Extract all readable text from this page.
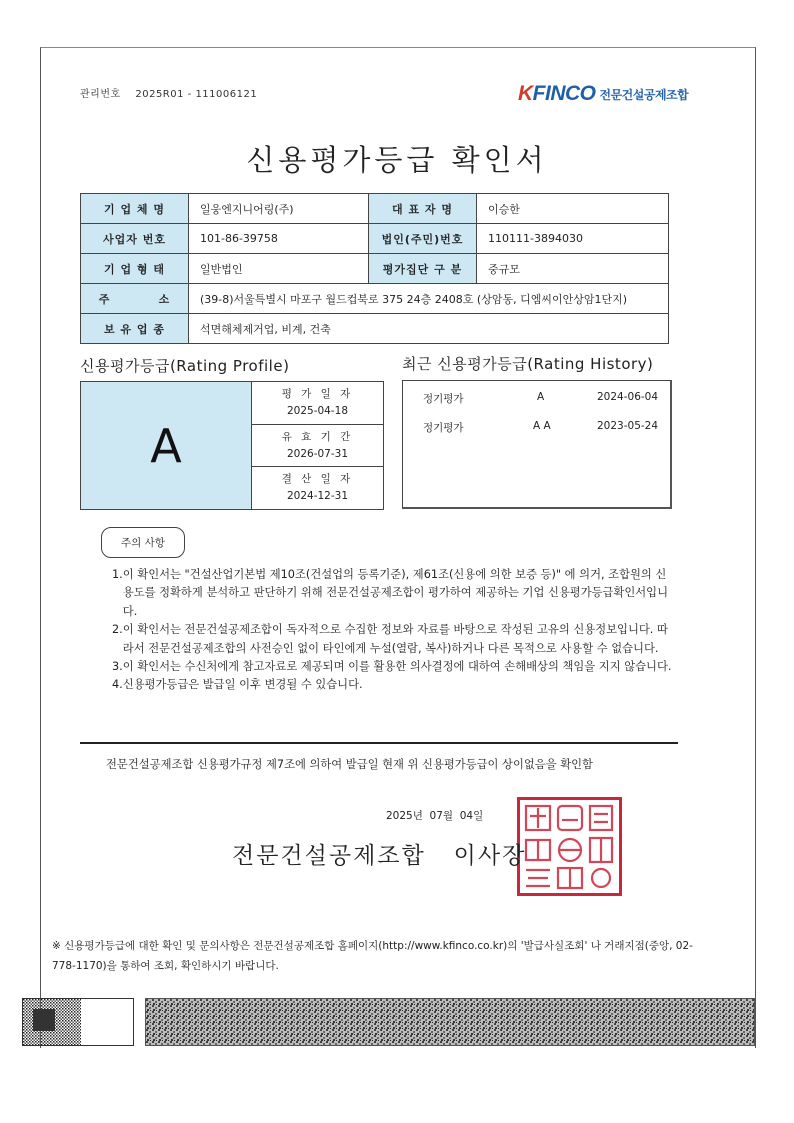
관리번호 2025R01 - 111006121	KFINCO 전문건설공제조합
신용평가등급 확인서
기 업 체 명	일웅엔지니어링(주)	대 표 자 명	이승한
사업자 번호	101-86-39758	법인(주민)번호	110111-3894030
기 업 형 태	일반법인	평가집단 구 분	중규모
주          소	(39-8)서울특별시 마포구 월드컵북로 375 24층 2408호 (상암동, 디엠씨이안상암1단지)		
보 유 업 종	석면해체제거업, 비계, 건축		
신용평가등급(Rating Profile)	최근 신용평가등급(Rating History)
A
평 가 일 자
2025-04-18
유 효 기 간
2026-07-31
결 산 일 자
2024-12-31
정기평가	A	2024-06-04
정기평가	A A	2023-05-24
주의 사항
1. 이 확인서는 "건설산업기본법 제10조(건설업의 등록기준), 제61조(신용에 의한 보증 등)" 에 의거, 조합원의 신용도를 정확하게 분석하고 판단하기 위해 전문건설공제조합이 평가하여 제공하는 기업 신용평가등급확인서입니다.
2. 이 확인서는 전문건설공제조합이 독자적으로 수집한 정보와 자료를 바탕으로 작성된 고유의 신용정보입니다. 따라서 전문건설공제조합의 사전승인 없이 타인에게 누설(열람, 복사)하거나 다른 목적으로 사용할 수 없습니다.
3. 이 확인서는 수신처에게 참고자료로 제공되며 이를 활용한 의사결정에 대하여 손해배상의 책임을 지지 않습니다.
4. 신용평가등급은 발급일 이후 변경될 수 있습니다.
전문건설공제조합 신용평가규정 제7조에 의하여 발급일 현재 위 신용평가등급이 상이없음을 확인함
2025년  07월  04일
전문건설공제조합   이사장
※ 신용평가등급에 대한 확인 및 문의사항은 전문건설공제조합 홈페이지(http://www.kfinco.co.kr)의 '발급사실조회' 나 거래지점(중앙, 02-778-1170)을 통하여 조회, 확인하시기 바랍니다.
